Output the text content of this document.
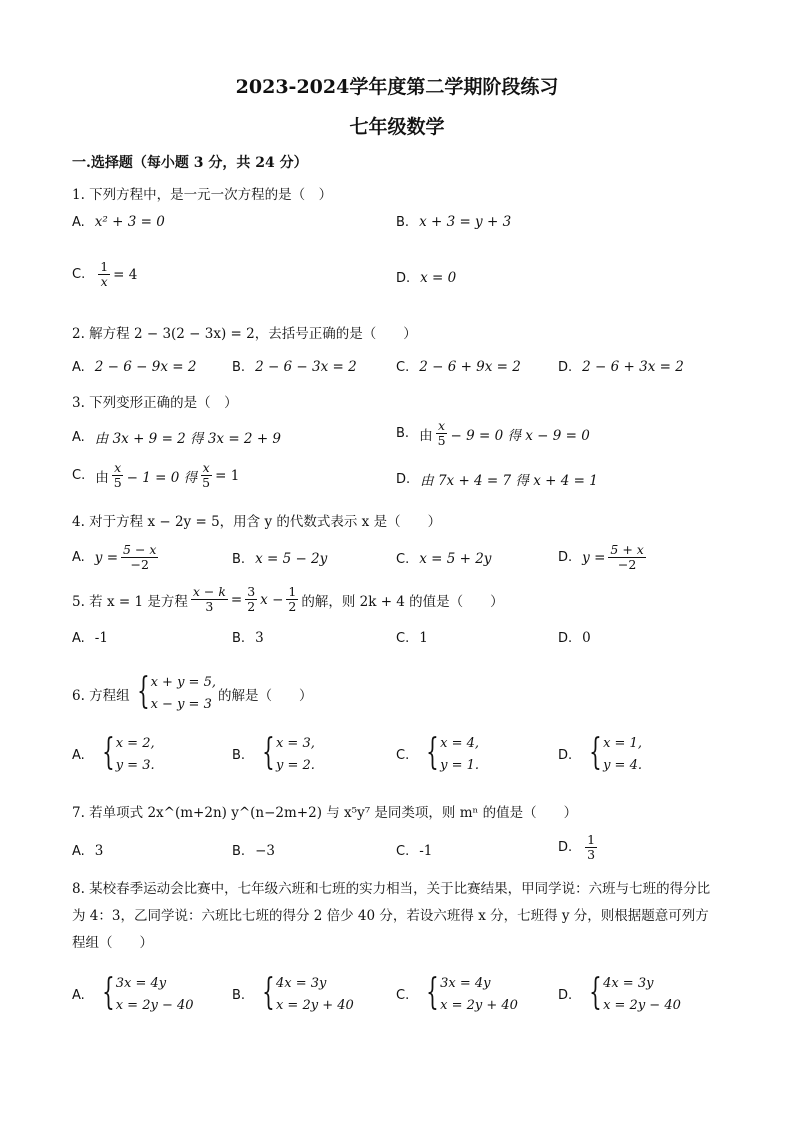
2023-2024学年度第二学期阶段练习
七年级数学
一.选择题（每小题 3 分，共 24 分）
1. 下列方程中，是一元一次方程的是（　）
A. x² + 3 = 0	B. x + 3 = y + 3
C. $\frac{1}{x} = 4$	D. x = 0
2. 解方程 2 − 3(2 − 3x) = 2，去括号正确的是（　　）
A. 2 − 6 − 9x = 2	B. 2 − 6 − 3x = 2	C. 2 − 6 + 9x = 2	D. 2 − 6 + 3x = 2
3. 下列变形正确的是（　）
A. 由 3x + 9 = 2 得 3x = 2 + 9	B. 由 $\frac{x}{5} - 9 = 0$ 得 x − 9 = 0
C. 由 $\frac{x}{5} - 1 = 0$ 得 $\frac{x}{5} = 1$	D. 由 7x + 4 = 7 得 x + 4 = 1
4. 对于方程 x − 2y = 5，用含 y 的代数式表示 x 是（　　）
A. $y = \frac{5 - x}{-2}$	B. x = 5 − 2y	C. x = 5 + 2y	D. $y = \frac{5 + x}{-2}$
5. 若 x = 1 是方程 $\frac{x - k}{3} = \frac{3}{2}$ $x - \frac{1}{2}$ 的解，则 2k + 4 的值是（　　）
A. -1	B. 3	C. 1	D. 0
6. 方程组 { x + y = 5,
x − y = 3
的解是（　　）
A. { x = 2,
y = 3.
B. { x = 3,
y = 2.
C. { x = 4,
y = 1.
D. { x = 1,
y = 4.
7. 若单项式 2x^(m+2n) y^(n−2m+2) 与 x⁵y⁷ 是同类项，则 mⁿ 的值是（　　）
A. 3	B. −3	C. -1	D. $\frac{1}{3}$
8. 某校春季运动会比赛中，七年级六班和七班的实力相当，关于比赛结果，甲同学说：六班与七班的得分比为 4：3，乙同学说：六班比七班的得分 2 倍少 40 分，若设六班得 x 分，七班得 y 分，则根据题意可列方程组（　　）
A. { 3x = 4y
x = 2y − 40
B. { 4x = 3y
x = 2y + 40
C. { 3x = 4y
x = 2y + 40
D. { 4x = 3y
x = 2y − 40
